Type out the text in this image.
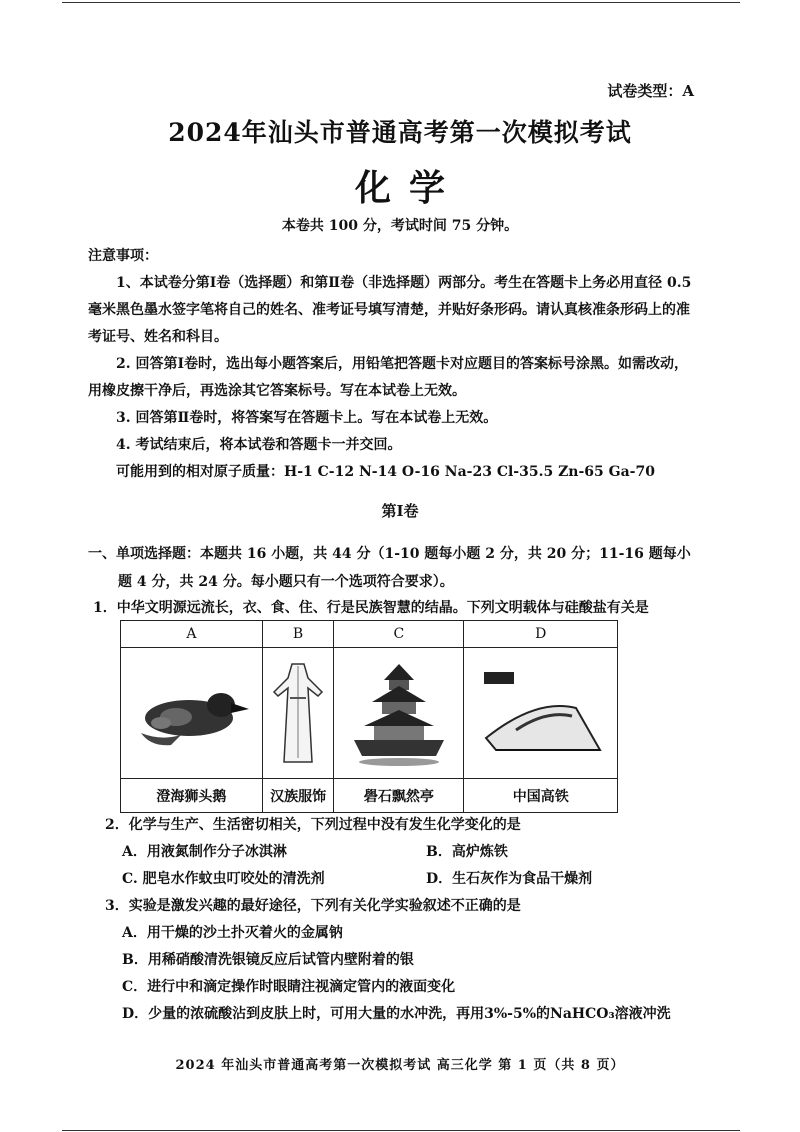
试卷类型：A
2024年汕头市普通高考第一次模拟考试
化学
本卷共 100 分，考试时间 75 分钟。
注意事项：
1、本试卷分第Ⅰ卷（选择题）和第Ⅱ卷（非选择题）两部分。考生在答题卡上务必用直径 0.5毫米黑色墨水签字笔将自己的姓名、准考证号填写清楚，并贴好条形码。请认真核准条形码上的准考证号、姓名和科目。
2. 回答第Ⅰ卷时，选出每小题答案后，用铅笔把答题卡对应题目的答案标号涂黑。如需改动，用橡皮擦干净后，再选涂其它答案标号。写在本试卷上无效。
3. 回答第Ⅱ卷时，将答案写在答题卡上。写在本试卷上无效。
4. 考试结束后，将本试卷和答题卡一并交回。
可能用到的相对原子质量：H-1 C-12 N-14 O-16 Na-23 Cl-35.5 Zn-65 Ga-70
第Ⅰ卷
一、单项选择题：本题共 16 小题，共 44 分（1-10 题每小题 2 分，共 20 分；11-16 题每小
题 4 分，共 24 分。每小题只有一个选项符合要求）。
1．中华文明源远流长，衣、食、住、行是民族智慧的结晶。下列文明载体与硅酸盐有关是
A	B	C	D

澄海狮头鹅	汉族服饰	礐石飘然亭	中国高铁
2．化学与生产、生活密切相关，下列过程中没有发生化学变化的是
A．用液氮制作分子冰淇淋	B．高炉炼铁
C. 肥皂水作蚊虫叮咬处的清洗剂	D．生石灰作为食品干燥剂
3．实验是激发兴趣的最好途径，下列有关化学实验叙述不正确的是
A．用干燥的沙土扑灭着火的金属钠
B．用稀硝酸清洗银镜反应后试管内壁附着的银
C．进行中和滴定操作时眼睛注视滴定管内的液面变化
D．少量的浓硫酸沾到皮肤上时，可用大量的水冲洗，再用3%-5%的NaHCO₃溶液冲洗
2024 年汕头市普通高考第一次模拟考试 高三化学 第 1 页（共 8 页）
